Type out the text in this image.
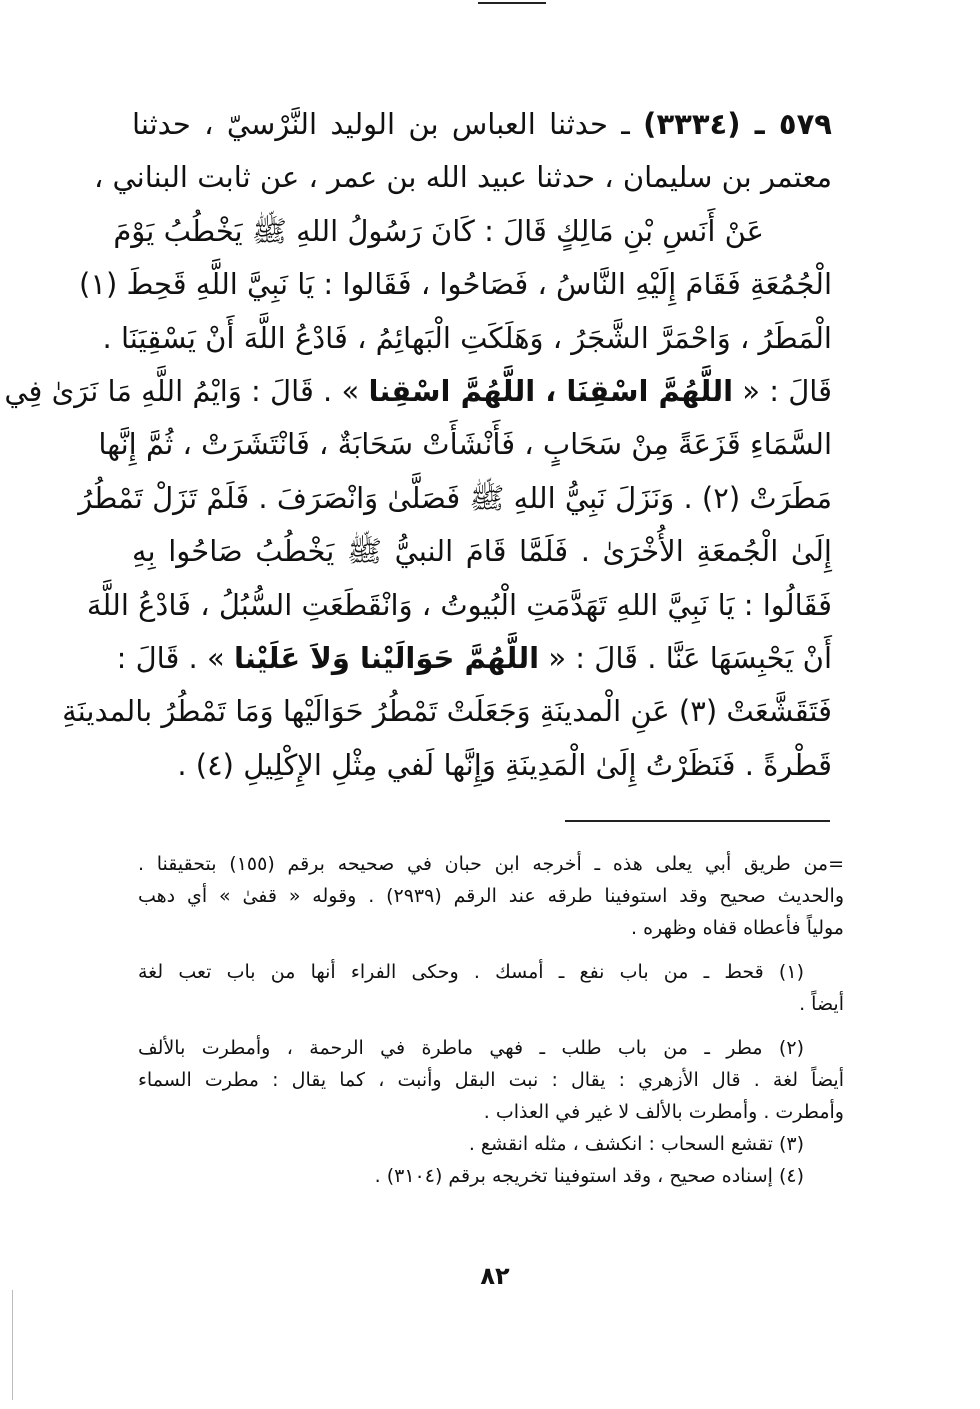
٥٧٩ ـ (٣٣٣٤) ـ حدثنا العباس بن الوليد النَّرْسيّ ، حدثنا
معتمر بن سليمان ، حدثنا عبيد الله بن عمر ، عن ثابت البناني ،
عَنْ أَنَسِ بْنِ مَالِكٍ قَالَ : كَانَ رَسُولُ اللهِ ﷺ يَخْطُبُ يَوْمَ
الْجُمُعَةِ فَقَامَ إِلَيْهِ النَّاسُ ، فَصَاحُوا ، فَقَالوا : يَا نَبِيَّ اللَّهِ قَحِطَ (١)
الْمَطَرُ ، وَاحْمَرَّ الشَّجَرُ ، وَهَلَكَتِ الْبَهائِمُ ، فَادْعُ اللَّهَ أَنْ يَسْقِيَنَا .
قَالَ : « اللَّهُمَّ اسْقِنَا ، اللَّهُمَّ اسْقِنا » . قَالَ : وَايْمُ اللَّهِ مَا نَرَىٰ فِي
السَّمَاءِ قَزَعَةً مِنْ سَحَابٍ ، فَأَنْشَأَتْ سَحَابَةٌ ، فَانْتَشَرَتْ ، ثُمَّ إِنَّها
مَطَرَتْ (٢) . وَنَزَلَ نَبِيُّ اللهِ ﷺ فَصَلَّىٰ وَانْصَرَفَ . فَلَمْ تَزَلْ تَمْطُرُ
إِلَىٰ الْجُمعَةِ الأُخْرَىٰ . فَلَمَّا قَامَ النبيُّ ﷺ يَخْطُبُ صَاحُوا بِهِ
فَقَالُوا : يَا نَبِيَّ اللهِ تَهَدَّمَتِ الْبُيوتُ ، وَانْقَطَعَتِ السُّبُلُ ، فَادْعُ اللَّهَ
أَنْ يَحْبِسَهَا عَنَّا . قَالَ : « اللَّهُمَّ حَوَالَيْنا وَلاَ عَلَيْنا » . قَالَ :
فَتَقَشَّعَتْ (٣) عَنِ الْمدينَةِ وَجَعَلَتْ تَمْطُرُ حَوَالَيْها وَمَا تَمْطُرُ بالمدينَةِ
قَطْرةً . فَنَظَرْتُ إِلَىٰ الْمَدِينَةِ وَإِنَّها لَفي مِثْلِ الإِكْلِيلِ (٤) .
=من طريق أبي يعلى هذه ـ أخرجه ابن حبان في صحيحه برقم (١٥٥) بتحقيقنا .
والحديث صحيح وقد استوفينا طرقه عند الرقم (٢٩٣٩) . وقوله « قفىٰ » أي دهب
مولياً فأعطاه قفاه وظهره .
(١) قحط ـ من باب نفع ـ أمسك . وحكى الفراء أنها من باب تعب لغة
أيضاً .
(٢) مطر ـ من باب طلب ـ فهي ماطرة في الرحمة ، وأمطرت بالألف
أيضاً لغة . قال الأزهري : يقال : نبت البقل وأنبت ، كما يقال : مطرت السماء
وأمطرت . وأمطرت بالألف لا غير في العذاب .
(٣) تقشع السحاب : انكشف ، مثله انقشع .
(٤) إسناده صحيح ، وقد استوفينا تخريجه برقم (٣١٠٤) .
٨٢
